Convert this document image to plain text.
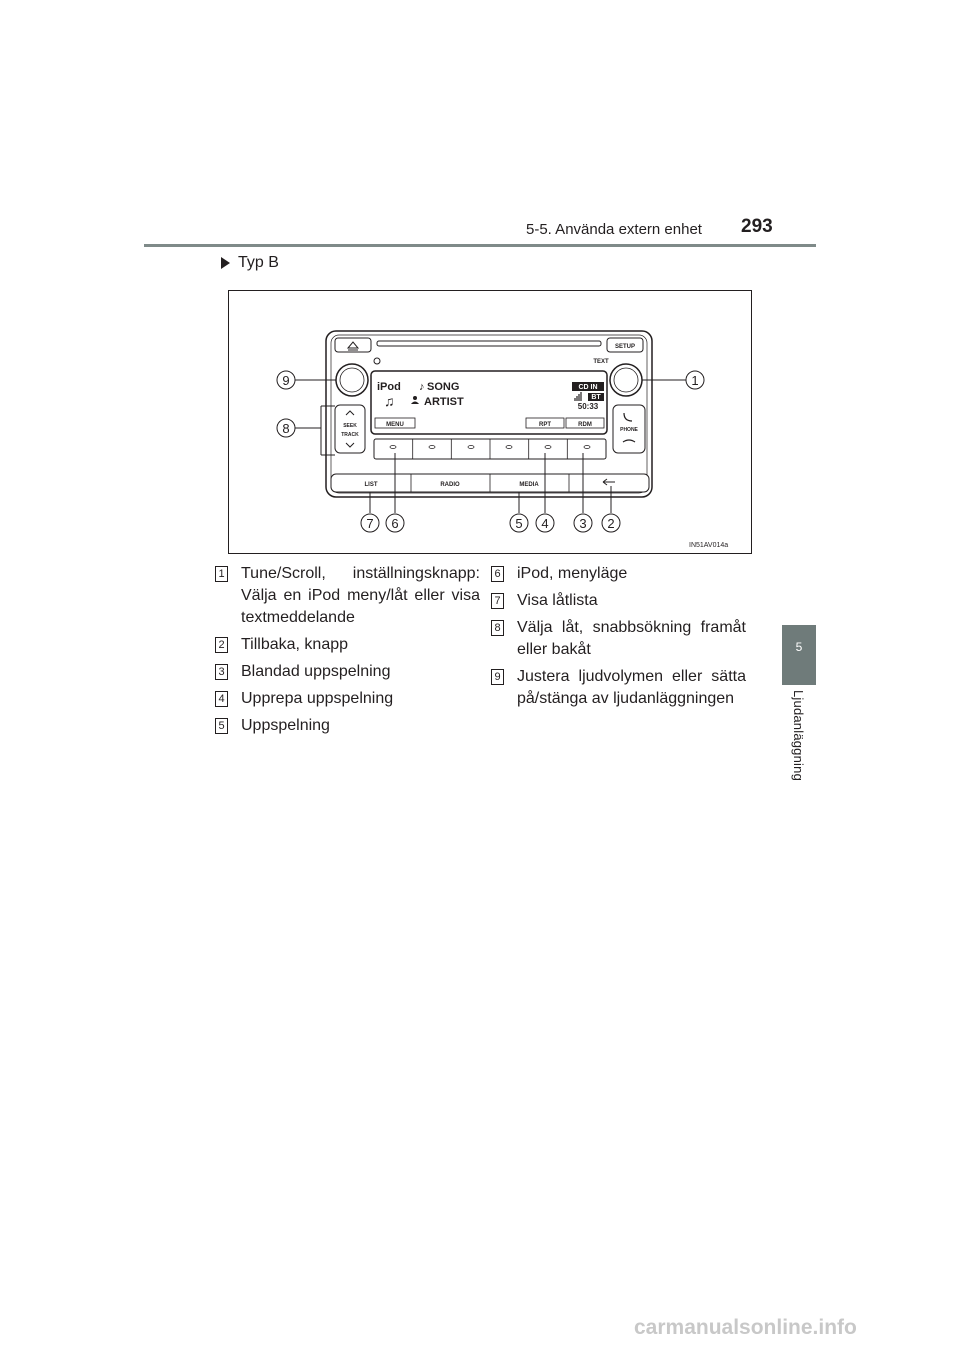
5-5. Använda extern enhet 293
5
Ljudanläggning
Typ B
SETUP
TEXT
iPod ♪ SONG
♫	ARTIST
CD IN
BT
50:33
MENU	RPT	RDM
SEEK
TRACK
PHONE
LIST	RADIO	MEDIA
9
8
1
7 6	5 4 3 2
IN51AV014a
1 Tune/Scroll, inställningsknapp: Välja en iPod meny/låt eller visa textmeddelande
2 Tillbaka, knapp
3 Blandad uppspelning
4 Upprepa uppspelning
5 Uppspelning
6 iPod, menyläge
7 Visa låtlista
8 Välja låt, snabbsökning framåt eller bakåt
9 Justera ljudvolymen eller sätta på/stänga av ljudanläggningen
carmanualsonline.info
